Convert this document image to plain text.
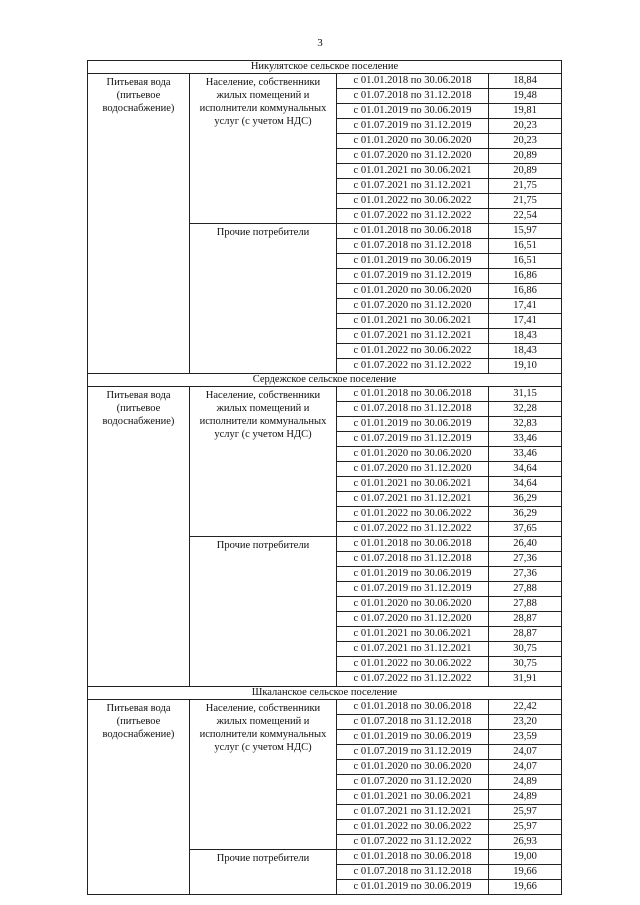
3
Никулятское сельское поселение			
Питьевая вода (питьевое водоснабжение)	Население, собственники жилых помещений и исполнители коммунальных услуг (с учетом НДС)	с 01.01.2018 по 30.06.2018	18,84
		с 01.07.2018 по 31.12.2018	19,48
		с 01.01.2019 по 30.06.2019	19,81
		с 01.07.2019 по 31.12.2019	20,23
		с 01.01.2020 по 30.06.2020	20,23
		с 01.07.2020 по 31.12.2020	20,89
		с 01.01.2021 по 30.06.2021	20,89
		с 01.07.2021 по 31.12.2021	21,75
		с 01.01.2022 по 30.06.2022	21,75
		с 01.07.2022 по 31.12.2022	22,54
	Прочие потребители	с 01.01.2018 по 30.06.2018	15,97
		с 01.07.2018 по 31.12.2018	16,51
		с 01.01.2019 по 30.06.2019	16,51
		с 01.07.2019 по 31.12.2019	16,86
		с 01.01.2020 по 30.06.2020	16,86
		с 01.07.2020 по 31.12.2020	17,41
		с 01.01.2021 по 30.06.2021	17,41
		с 01.07.2021 по 31.12.2021	18,43
		с 01.01.2022 по 30.06.2022	18,43
		с 01.07.2022 по 31.12.2022	19,10
Сердежское сельское поселение			
Питьевая вода (питьевое водоснабжение)	Население, собственники жилых помещений и исполнители коммунальных услуг (с учетом НДС)	с 01.01.2018 по 30.06.2018	31,15
		с 01.07.2018 по 31.12.2018	32,28
		с 01.01.2019 по 30.06.2019	32,83
		с 01.07.2019 по 31.12.2019	33,46
		с 01.01.2020 по 30.06.2020	33,46
		с 01.07.2020 по 31.12.2020	34,64
		с 01.01.2021 по 30.06.2021	34,64
		с 01.07.2021 по 31.12.2021	36,29
		с 01.01.2022 по 30.06.2022	36,29
		с 01.07.2022 по 31.12.2022	37,65
	Прочие потребители	с 01.01.2018 по 30.06.2018	26,40
		с 01.07.2018 по 31.12.2018	27,36
		с 01.01.2019 по 30.06.2019	27,36
		с 01.07.2019 по 31.12.2019	27,88
		с 01.01.2020 по 30.06.2020	27,88
		с 01.07.2020 по 31.12.2020	28,87
		с 01.01.2021 по 30.06.2021	28,87
		с 01.07.2021 по 31.12.2021	30,75
		с 01.01.2022 по 30.06.2022	30,75
		с 01.07.2022 по 31.12.2022	31,91
Шкаланское сельское поселение			
Питьевая вода (питьевое водоснабжение)	Население, собственники жилых помещений и исполнители коммунальных услуг (с учетом НДС)	с 01.01.2018 по 30.06.2018	22,42
		с 01.07.2018 по 31.12.2018	23,20
		с 01.01.2019 по 30.06.2019	23,59
		с 01.07.2019 по 31.12.2019	24,07
		с 01.01.2020 по 30.06.2020	24,07
		с 01.07.2020 по 31.12.2020	24,89
		с 01.01.2021 по 30.06.2021	24,89
		с 01.07.2021 по 31.12.2021	25,97
		с 01.01.2022 по 30.06.2022	25,97
		с 01.07.2022 по 31.12.2022	26,93
	Прочие потребители	с 01.01.2018 по 30.06.2018	19,00
		с 01.07.2018 по 31.12.2018	19,66
		с 01.01.2019 по 30.06.2019	19,66
